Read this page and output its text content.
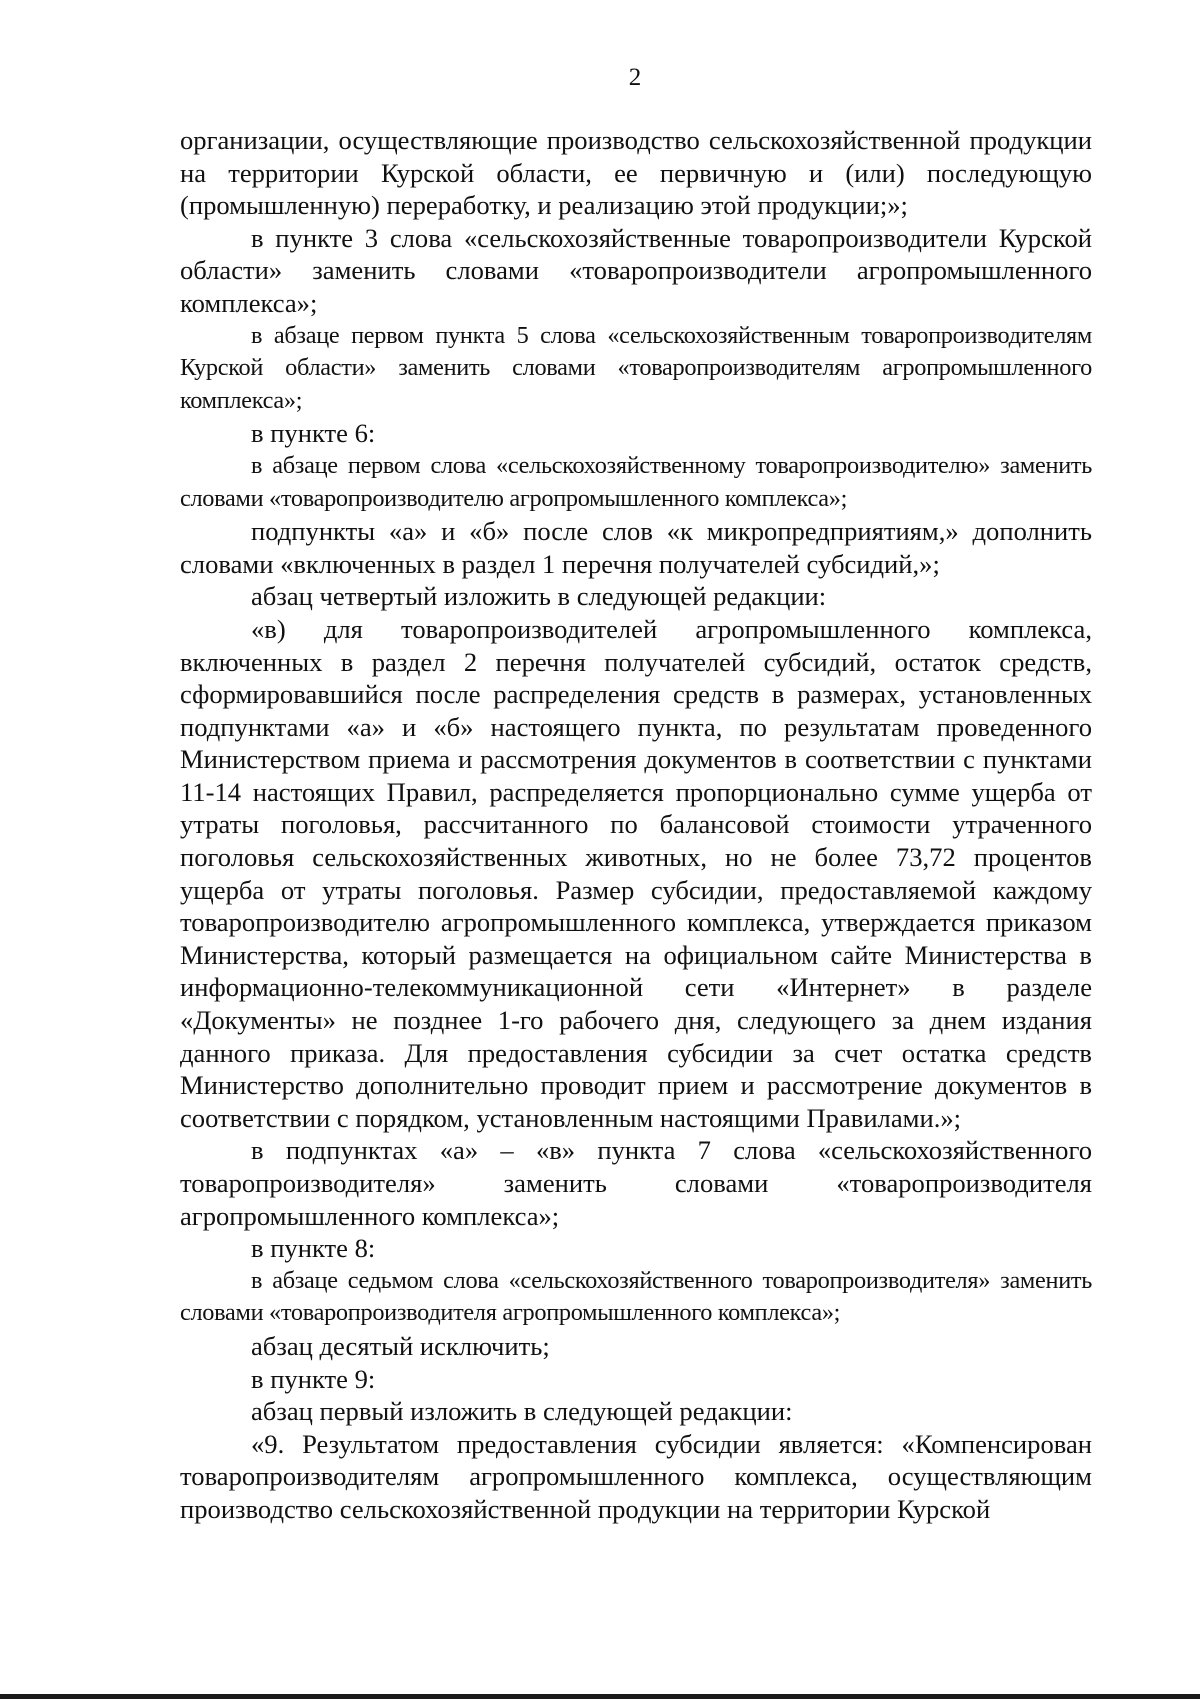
2

организации, осуществляющие производство сельскохозяйственной продукции на территории Курской области, ее первичную и (или) последующую (промышленную) переработку, и реализацию этой продукции;»;

в пункте 3 слова «сельскохозяйственные товаропроизводители Курской области» заменить словами «товаропроизводители агропромышленного комплекса»;

в абзаце первом пункта 5 слова «сельскохозяйственным товаропроизводителям Курской области» заменить словами «товаропроизводителям агропромышленного комплекса»;

в пункте 6:

в абзаце первом слова «сельскохозяйственному товаропроизводителю» заменить словами «товаропроизводителю агропромышленного комплекса»;

подпункты «а» и «б» после слов «к микропредприятиям,» дополнить словами «включенных в раздел 1 перечня получателей субсидий,»;

абзац четвертый изложить в следующей редакции:

«в) для товаропроизводителей агропромышленного комплекса, включенных в раздел 2 перечня получателей субсидий, остаток средств, сформировавшийся после распределения средств в размерах, установленных подпунктами «а» и «б» настоящего пункта, по результатам проведенного Министерством приема и рассмотрения документов в соответствии с пунктами 11-14 настоящих Правил, распределяется пропорционально сумме ущерба от утраты поголовья, рассчитанного по балансовой стоимости утраченного поголовья сельскохозяйственных животных, но не более 73,72 процентов ущерба от утраты поголовья. Размер субсидии, предоставляемой каждому товаропроизводителю агропромышленного комплекса, утверждается приказом Министерства, который размещается на официальном сайте Министерства в информационно-телекоммуникационной сети «Интернет» в разделе «Документы» не позднее 1-го рабочего дня, следующего за днем издания данного приказа. Для предоставления субсидии за счет остатка средств Министерство дополнительно проводит прием и рассмотрение документов в соответствии с порядком, установленным настоящими Правилами.»;

в подпунктах «а» – «в» пункта 7 слова «сельскохозяйственного товаропроизводителя» заменить словами «товаропроизводителя агропромышленного комплекса»;

в пункте 8:

в абзаце седьмом слова «сельскохозяйственного товаропроизводителя» заменить словами «товаропроизводителя агропромышленного комплекса»;

абзац десятый исключить;

в пункте 9:

абзац первый изложить в следующей редакции:

«9. Результатом предоставления субсидии является: «Компенсирован товаропроизводителям агропромышленного комплекса, осуществляющим производство сельскохозяйственной продукции на территории Курской
